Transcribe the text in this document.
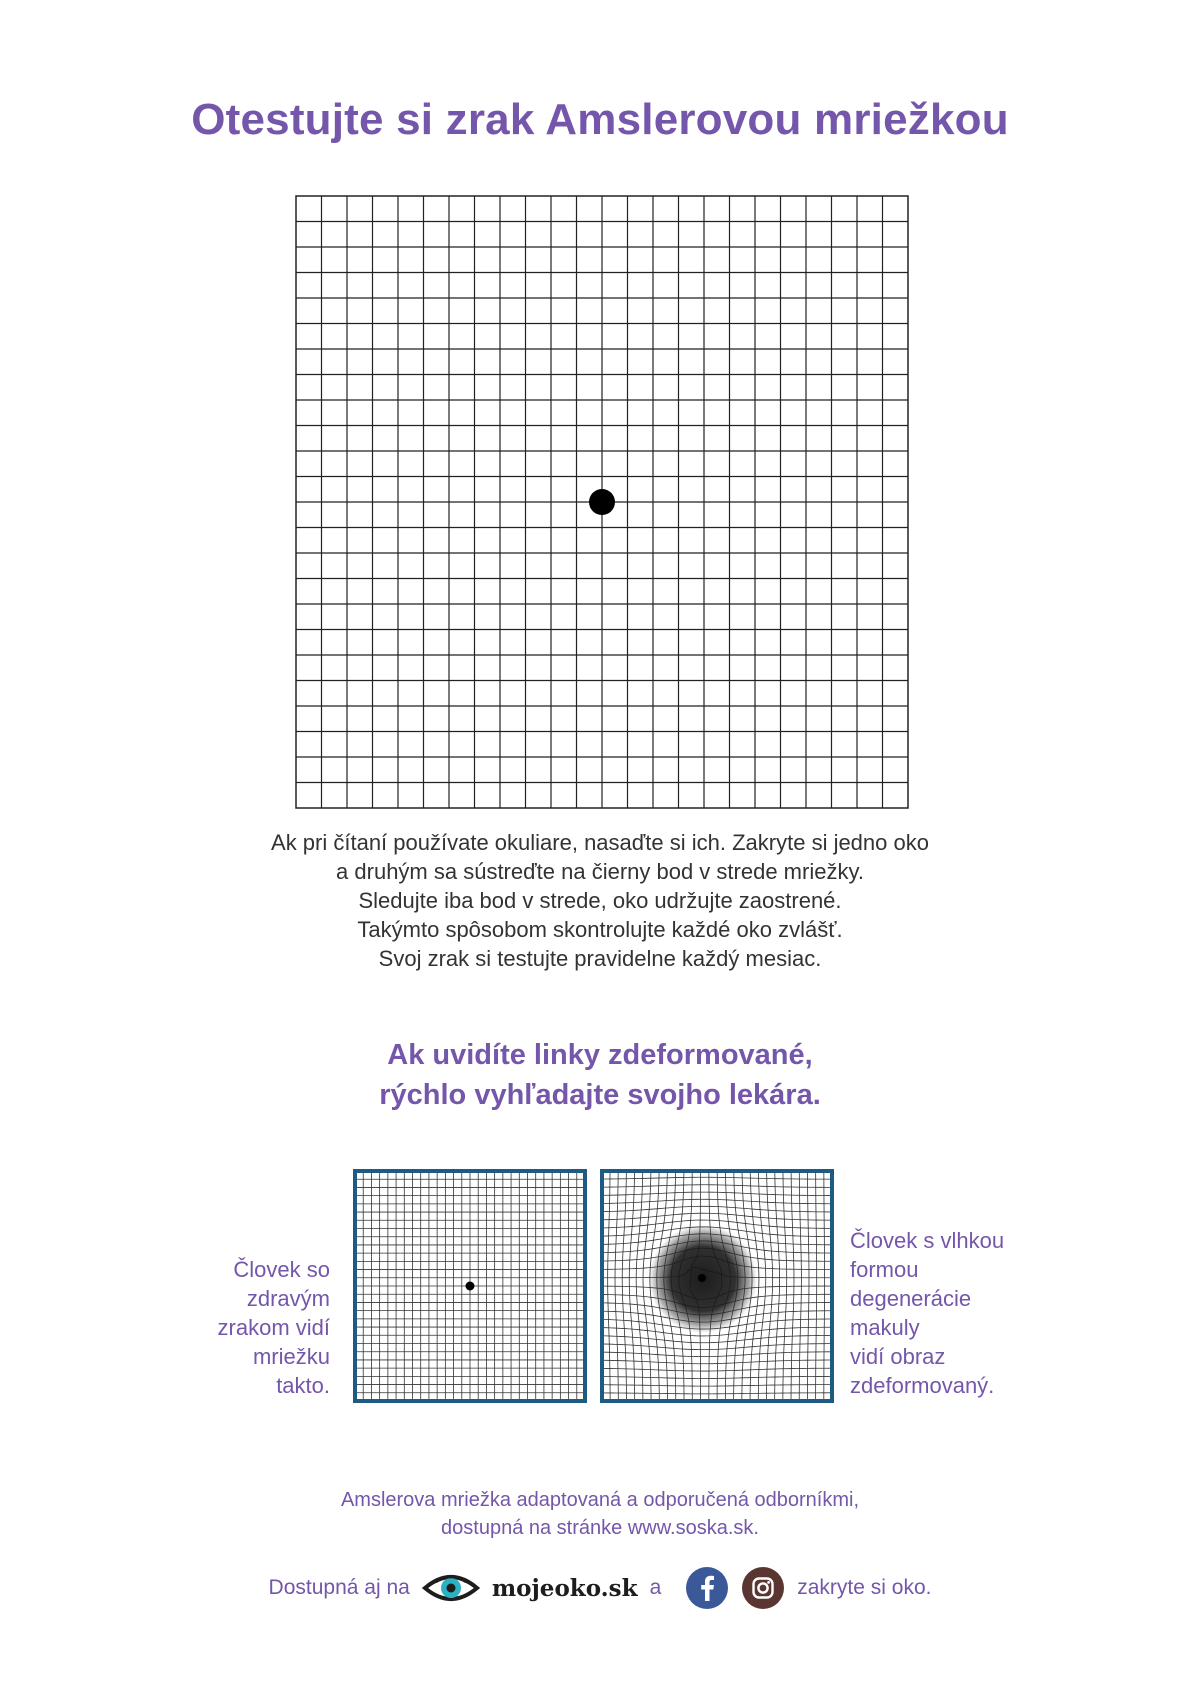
Otestujte si zrak Amslerovou mriežkou
Ak pri čítaní používate okuliare, nasaďte si ich. Zakryte si jedno oko
a druhým sa sústreďte na čierny bod v strede mriežky.
Sledujte iba bod v strede, oko udržujte zaostrené.
Takýmto spôsobom skontrolujte každé oko zvlášť.
Svoj zrak si testujte pravidelne každý mesiac.
Ak uvidíte linky zdeformované,
rýchlo vyhľadajte svojho lekára.
Človek so
zdravým
zrakom vidí
mriežku
takto.
Človek s vlhkou
formou
degenerácie
makuly
vidí obraz
zdeformovaný.
Amslerova mriežka adaptovaná a odporučená odborníkmi,
dostupná na stránke www.soska.sk.
Dostupná aj na	mojeoko.sk a	zakryte si oko.
